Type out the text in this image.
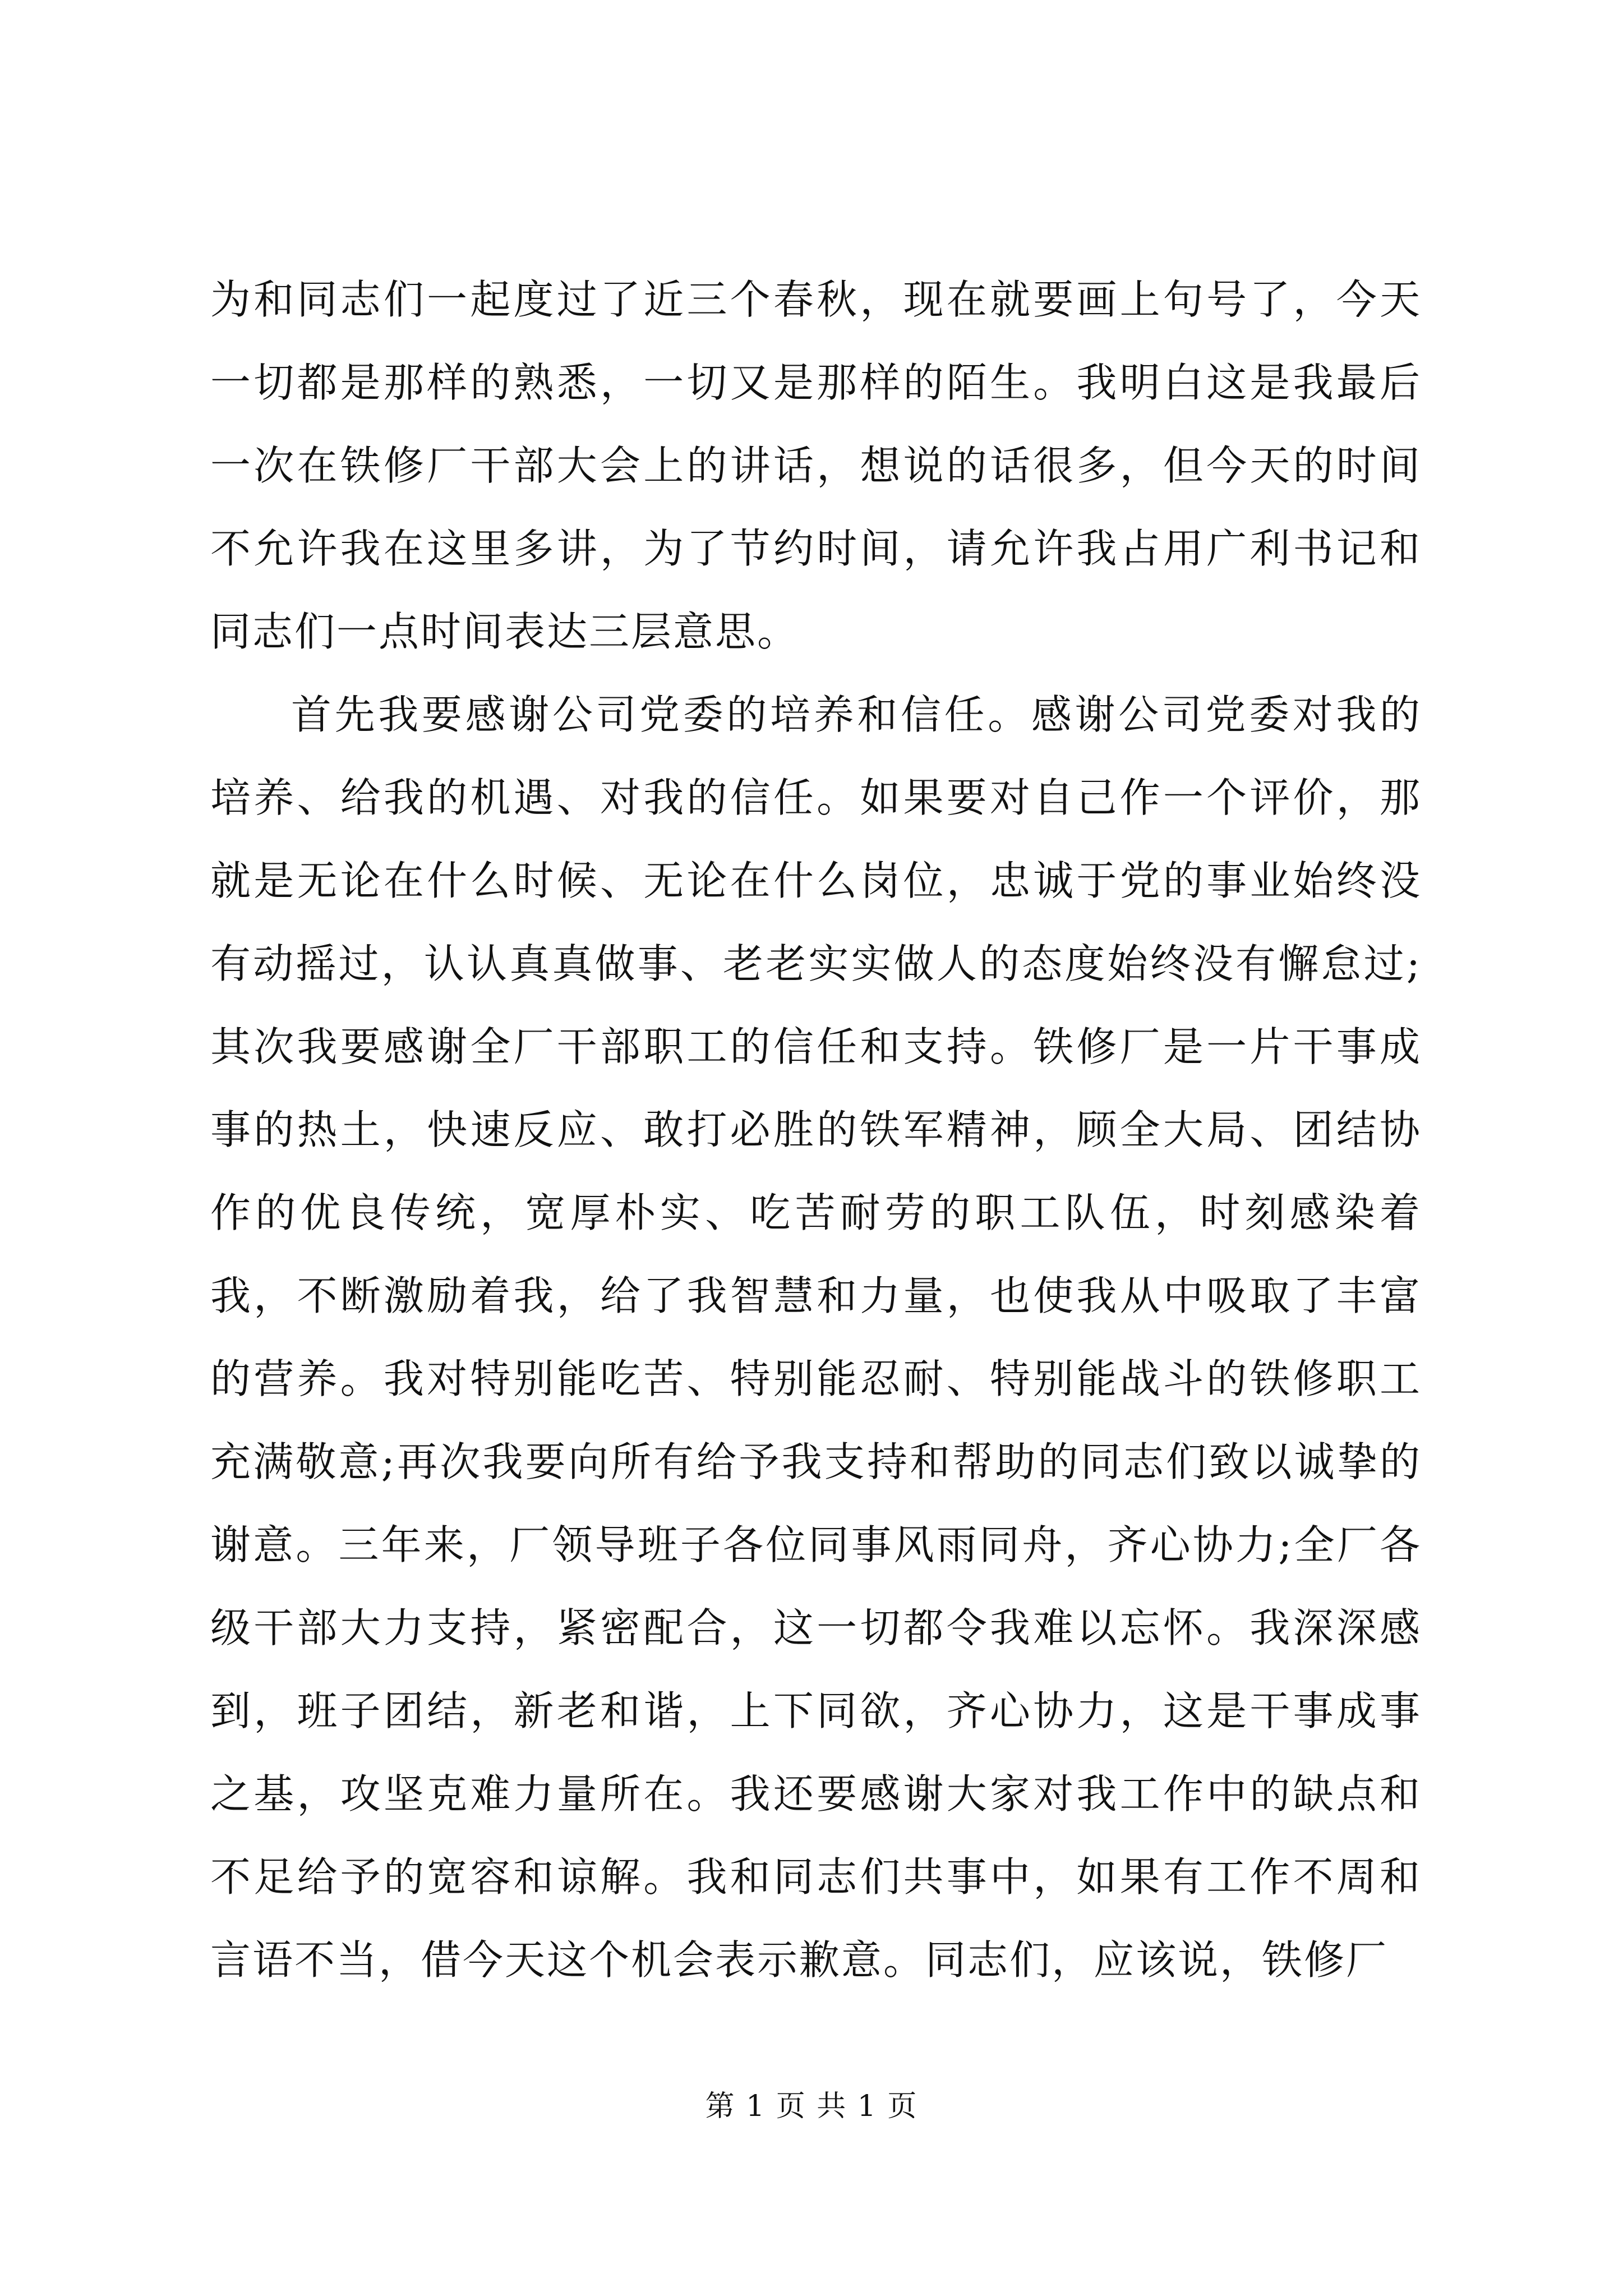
为和同志们一起度过了近三个春秋，现在就要画上句号了，今天一切都是那样的熟悉，一切又是那样的陌生。我明白这是我最后一次在铁修厂干部大会上的讲话，想说的话很多，但今天的时间不允许我在这里多讲，为了节约时间，请允许我占用广利书记和同志们一点时间表达三层意思。

首先我要感谢公司党委的培养和信任。感谢公司党委对我的培养、给我的机遇、对我的信任。如果要对自己作一个评价，那就是无论在什么时候、无论在什么岗位，忠诚于党的事业始终没有动摇过，认认真真做事、老老实实做人的态度始终没有懈怠过;其次我要感谢全厂干部职工的信任和支持。铁修厂是一片干事成事的热土，快速反应、敢打必胜的铁军精神，顾全大局、团结协作的优良传统，宽厚朴实、吃苦耐劳的职工队伍，时刻感染着我，不断激励着我，给了我智慧和力量，也使我从中吸取了丰富的营养。我对特别能吃苦、特别能忍耐、特别能战斗的铁修职工充满敬意;再次我要向所有给予我支持和帮助的同志们致以诚挚的谢意。三年来，厂领导班子各位同事风雨同舟，齐心协力;全厂各级干部大力支持，紧密配合，这一切都令我难以忘怀。我深深感到，班子团结，新老和谐，上下同欲，齐心协力，这是干事成事之基，攻坚克难力量所在。我还要感谢大家对我工作中的缺点和不足给予的宽容和谅解。我和同志们共事中，如果有工作不周和言语不当，借今天这个机会表示歉意。同志们，应该说，铁修厂

第 1 页 共 1 页
